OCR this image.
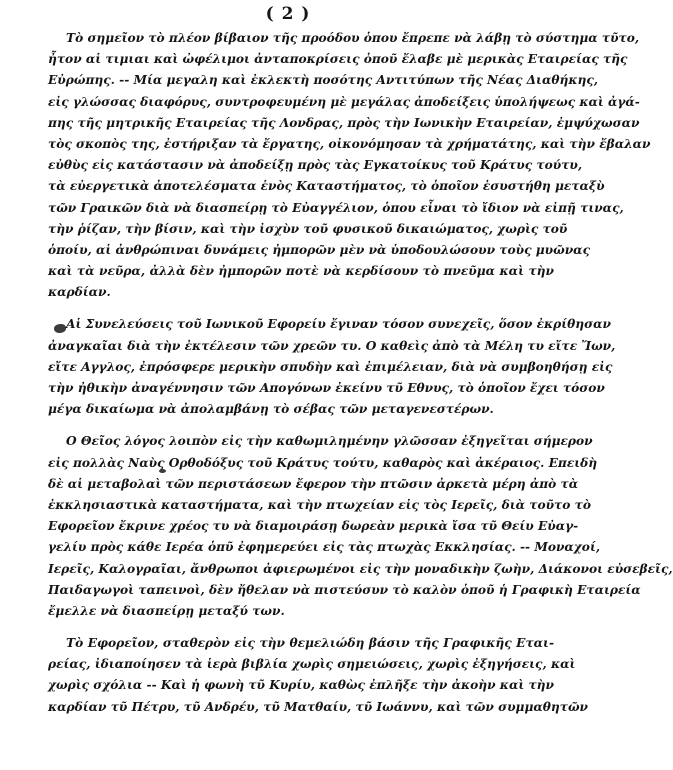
( 2 )
Τὸ σημεῖον τὸ πλέον βίβαιον τῆς προόδου ὁπου ἔπρεπε νὰ λάβῃ τὸ σύστημα τῦτο,
ἦτον αἱ τιμιαι καὶ ὠφέλιμοι ἀνταποκρίσεις ὁποῦ ἔλαβε μὲ μερικὰς Εταιρείας τῆς
Εὐρώπης. -- Μία μεγαλη καὶ ἐκλεκτὴ ποσότης Αντιτύπων τῆς Νέας Διαθήκης,
εἰς γλώσσας διαφόρυς, συντροφευμένη μὲ μεγάλας ἀποδείξεις ὑπολήψεως καὶ ἀγά-
πης τῆς μητρικῆς Εταιρείας τῆς Λονδρας, πρὸς τὴν Ιωνικὴν Εταιρείαν, ἐμψύχωσαν
τὸς σκοπὸς της, ἐστήριξαν τὰ ἔργατης, οἰκονόμησαν τὰ χρήματάτης, καὶ τὴν ἔβαλαν
εὐθὺς εἰς κατάστασιν νὰ ἀποδείξῃ πρὸς τὰς Εγκατοίκυς τοῦ Κράτυς τούτυ,
τὰ εὐεργετικὰ ἀποτελέσματα ἑνὸς Καταστήματος, τὸ ὁποῖον ἐσυστήθη μεταξὺ
τῶν Γραικῶν διὰ νὰ διασπείρῃ τὸ Εὐαγγέλιον, ὁπου εἶναι τὸ ἴδιον νὰ εἰπῇ τινας,
τὴν ῥίζαν, τὴν βίσιν, καὶ τὴν ἰσχὺν τοῦ φυσικοῦ δικαιώματος, χωρὶς τοῦ
ὁποίυ, αἱ ἀνθρώπιναι δυνάμεις ἠμπορῶν μὲν νὰ ὑποδουλώσουν τοὺς μυῶνας
καὶ τὰ νεῦρα, ἀλλὰ δὲν ἠμπορῶν ποτὲ νὰ κερδίσουν τὸ πνεῦμα καὶ τὴν
καρδίαν.
Αἱ Συνελεύσεις τοῦ Ιωνικοῦ Εφορείυ ἔγιναν τόσον συνεχεῖς, ὅσον ἐκρίθησαν
ἀναγκαῖαι διὰ τὴν ἐκτέλεσιν τῶν χρεῶν τυ. Ο καθεὶς ἀπὸ τὰ Μέλη τυ εἴτε Ἴων,
εἴτε Αγγλος, ἐπρόσφερε μερικὴν σπυδὴν καὶ ἐπιμέλειαν, διὰ νὰ συμβοηθήσῃ εἰς
τὴν ἠθικὴν ἀναγέννησιν τῶν Απογόνων ἐκείνυ τῦ Εθνυς, τὸ ὁποῖον ἔχει τόσον
μέγα δικαίωμα νὰ ἀπολαμβάνῃ τὸ σέβας τῶν μεταγενεστέρων.
Ο Θεῖος λόγος λοιπὸν εἰς τὴν καθωμιλημένην γλῶσσαν ἐξηγεῖται σήμερον
εἰς πολλὰς Ναὺς Ορθοδόξυς τοῦ Κράτυς τούτυ, καθαρὸς καὶ ἀκέραιος. Επειδὴ
δὲ αἱ μεταβολαὶ τῶν περιστάσεων ἔφερον τὴν πτῶσιν ἀρκετὰ μέρη ἀπὸ τὰ
ἐκκλησιαστικὰ καταστήματα, καὶ τὴν πτωχείαν εἰς τὸς Ιερεῖς, διὰ τοῦτο τὸ
Εφορεῖον ἔκρινε χρέος τυ νὰ διαμοιράσῃ δωρεὰν μερικὰ ἴσα τῦ Θείυ Εὐαγ-
γελίυ πρὸς κάθε Ιερέα ὁπῦ ἐφημερεύει εἰς τὰς πτωχὰς Εκκλησίας. -- Μοναχοί,
Ιερεῖς, Καλογραῖαι, ἄνθρωποι ἀφιερωμένοι εἰς τὴν μοναδικὴν ζωὴν, Διάκονοι εὐσεβεῖς,
Παιδαγωγοὶ ταπεινοὶ, δὲν ἤθελαν νὰ πιστεύσυν τὸ καλὸν ὁποῦ ἡ Γραφικὴ Εταιρεία
ἔμελλε νὰ διασπείρῃ μεταξύ των.
Τὸ Εφορεῖον, σταθερὸν εἰς τὴν θεμελιώδη βάσιν τῆς Γραφικῆς Εται-
ρείας, ἰδιαποίησεν τὰ ἱερὰ βιβλία χωρὶς σημειώσεις, χωρὶς ἐξηγήσεις, καὶ
χωρὶς σχόλια -- Καὶ ἡ φωνὴ τῦ Κυρίυ, καθὼς ἐπλῆξε τὴν ἀκοὴν καὶ τὴν
καρδίαν τῦ Πέτρυ, τῦ Ανδρέυ, τῦ Ματθαίυ, τῦ Ιωάννυ, καὶ τῶν συμμαθητῶν
